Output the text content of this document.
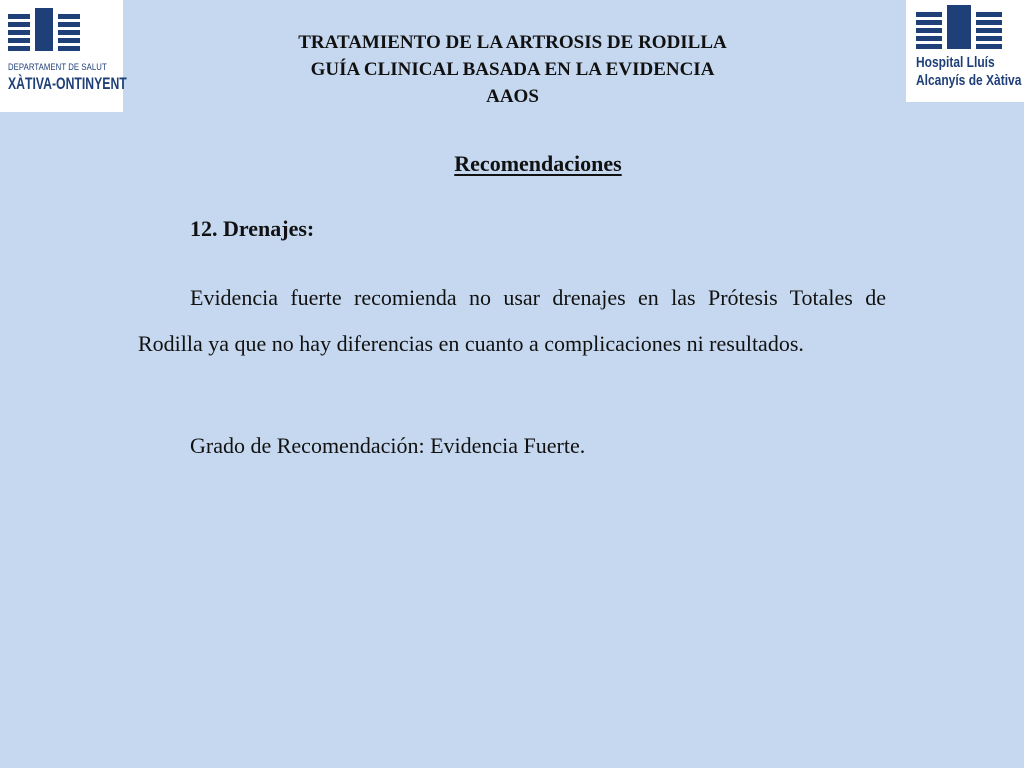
DEPARTAMENT DE SALUT

XÀTIVA-ONTINYENT

Hospital Lluís

Alcanyís de Xàtiva

TRATAMIENTO DE LA ARTROSIS DE RODILLA
GUÍA CLINICAL BASADA EN LA EVIDENCIA
AAOS
Recomendaciones
12. Drenajes:

Evidencia fuerte recomienda no usar drenajes en las Prótesis Totales de Rodilla ya que no hay diferencias en cuanto a complicaciones ni resultados.

Grado de Recomendación: Evidencia Fuerte.
